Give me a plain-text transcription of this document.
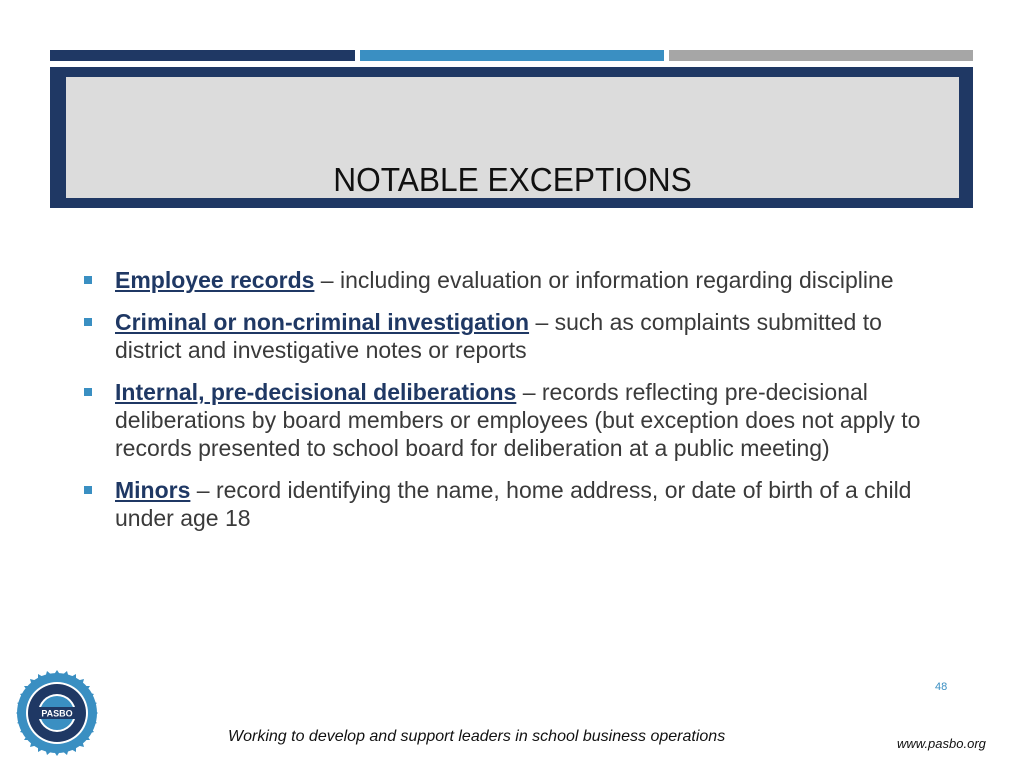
NOTABLE EXCEPTIONS
Employee records – including evaluation or information regarding discipline
Criminal or non-criminal investigation – such as complaints submitted to district and investigative notes or reports
Internal, pre-decisional deliberations – records reflecting pre-decisional deliberations by board members or employees (but exception does not apply to records presented to school board for deliberation at a public meeting)
Minors – record identifying the name, home address, or date of birth of a child under age 18
48
PASBO
Working to develop and support leaders in school business operations	www.pasbo.org
